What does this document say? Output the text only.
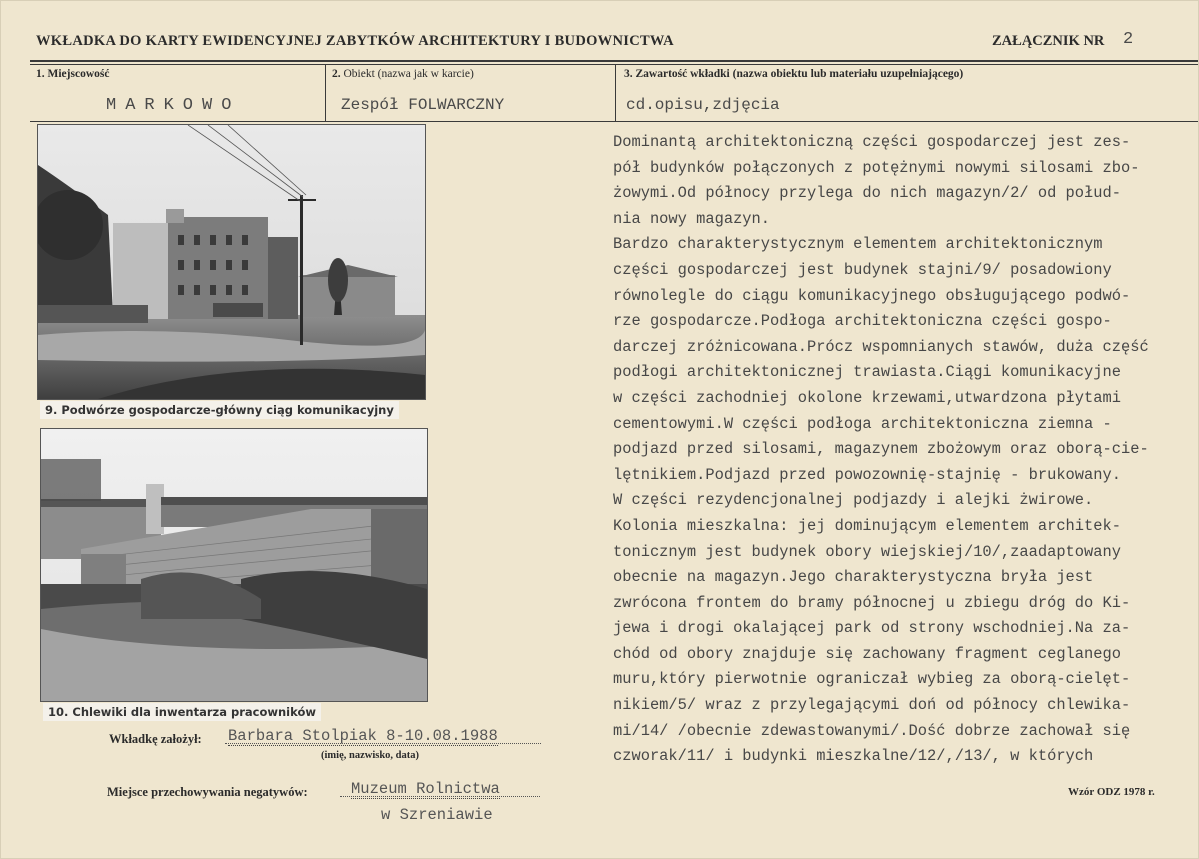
WKŁADKA DO KARTY EWIDENCYJNEJ ZABYTKÓW ARCHITEKTURY I BUDOWNICTWA	ZAŁĄCZNIK NR 2
1. Miejscowość	2. Obiekt (nazwa jak w karcie)	3. Zawartość wkładki (nazwa obiektu lub materiału uzupełniającego)
MARKOWO	Zespół FOLWARCZNY	cd.opisu,zdjęcia
9. Podwórze gospodarcze-główny ciąg komunikacyjny
10. Chlewiki dla inwentarza pracowników
Dominantą architektoniczną części gospodarczej jest zes-
pół budynków połączonych z potężnymi nowymi silosami zbo-
żowymi.Od północy przylega do nich magazyn/2/ od połud-
nia nowy magazyn.
Bardzo charakterystycznym elementem architektonicznym
części gospodarczej jest budynek stajni/9/ posadowiony
równolegle do ciągu komunikacyjnego obsługującego podwó-
rze gospodarcze.Podłoga architektoniczna części gospo-
darczej zróżnicowana.Prócz wspomnianych stawów, duża część
podłogi architektonicznej trawiasta.Ciągi komunikacyjne
w części zachodniej okolone krzewami,utwardzona płytami
cementowymi.W części podłoga architektoniczna ziemna -
podjazd przed silosami, magazynem zbożowym oraz oborą-cie-
lętnikiem.Podjazd przed powozownię-stajnię - brukowany.
W części rezydencjonalnej podjazdy i alejki żwirowe.
Kolonia mieszkalna: jej dominującym elementem architek-
tonicznym jest budynek obory wiejskiej/10/,zaadaptowany
obecnie na magazyn.Jego charakterystyczna bryła jest
zwrócona frontem do bramy północnej u zbiegu dróg do Ki-
jewa i drogi okalającej park od strony wschodniej.Na za-
chód od obory znajduje się zachowany fragment ceglanego
muru,który pierwotnie ograniczał wybieg za oborą-cielęt-
nikiem/5/ wraz z przylegającymi doń od północy chlewika-
mi/14/ /obecnie zdewastowanymi/.Dość dobrze zachował się
czworak/11/ i budynki mieszkalne/12/,/13/, w których
Wkładkę założył: Barbara Stolpiak 8-10.08.1988
(imię, nazwisko, data)
Miejsce przechowywania negatywów:	Muzeum Rolnictwa
w Szreniawie
Wzór ODZ 1978 r.
